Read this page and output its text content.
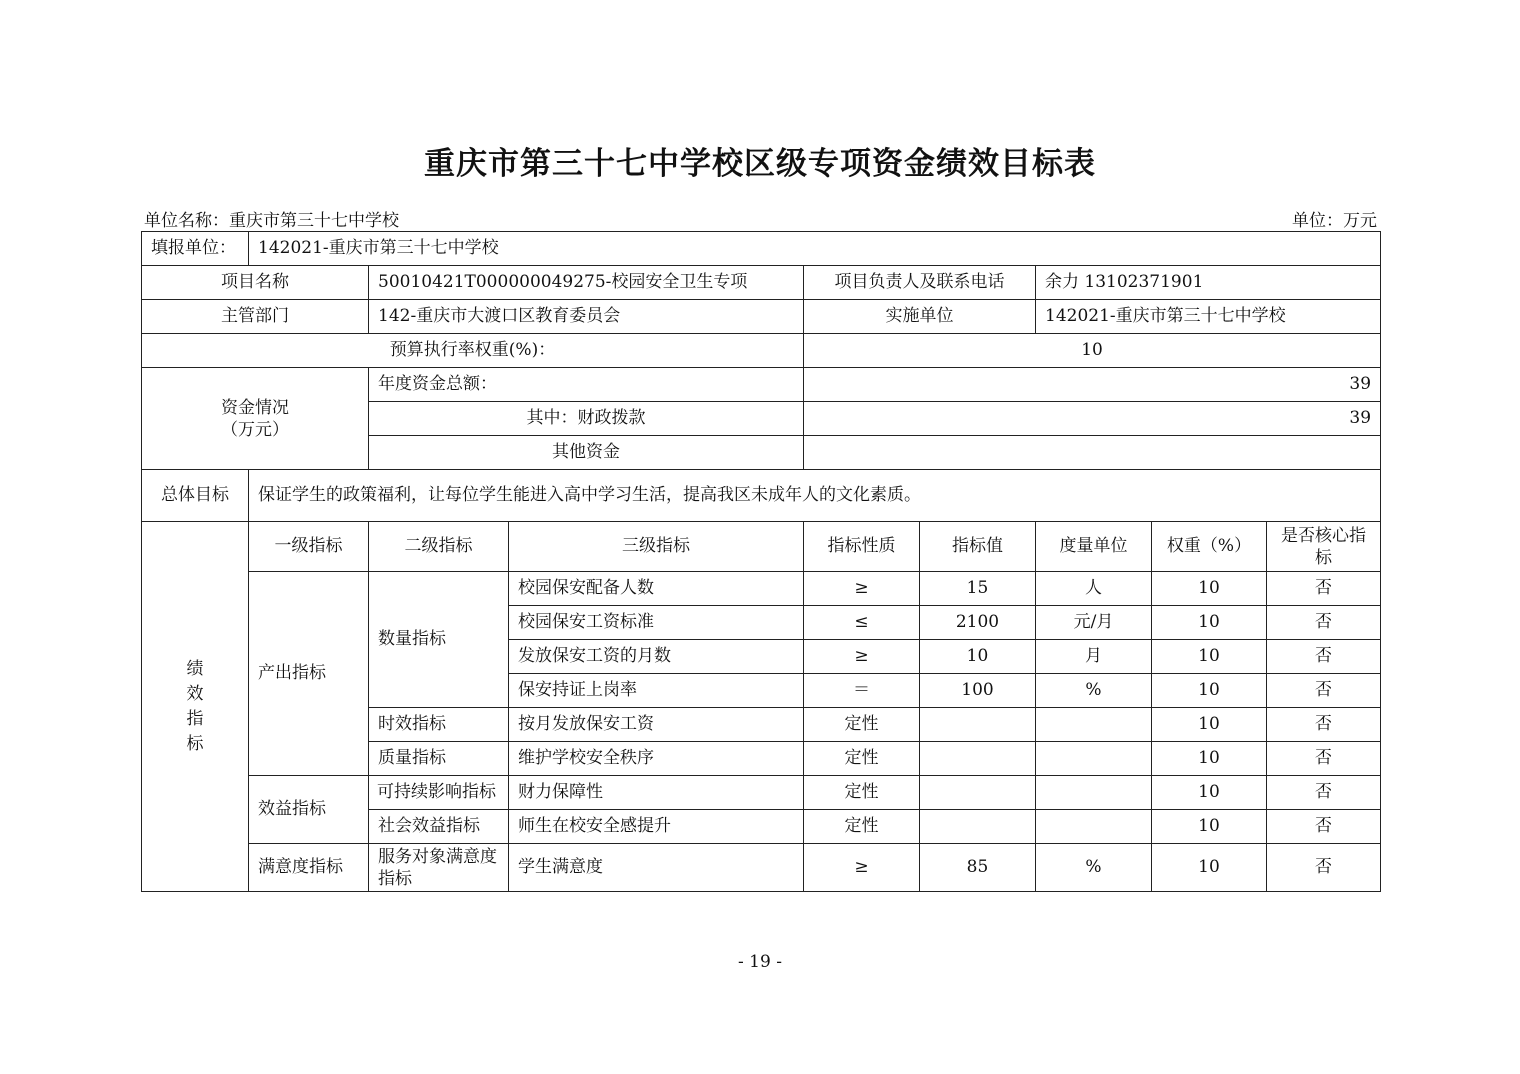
重庆市第三十七中学校区级专项资金绩效目标表
单位名称：重庆市第三十七中学校	单位：万元
填报单位：	142021-重庆市第三十七中学校							
项目名称		50010421T000000049275-校园安全卫生专项		项目负责人及联系电话		余力 13102371901		
主管部门		142-重庆市大渡口区教育委员会		实施单位		142021-重庆市第三十七中学校		
预算执行率权重(%)：				10				
资金情况
（万元）		年度资金总额：		39				
		其中：财政拨款		39				
		其他资金						
总体目标	保证学生的政策福利，让每位学生能进入高中学习生活，提高我区未成年人的文化素质。							
绩
效
指
标	一级指标	二级指标	三级指标	指标性质	指标值	度量单位	权重（%）	是否核心指标
	产出指标	数量指标	校园保安配备人数	≥	15	人	10	否
			校园保安工资标准	≤	2100	元/月	10	否
			发放保安工资的月数	≥	10	月	10	否
			保安持证上岗率	＝	100	%	10	否
		时效指标	按月发放保安工资	定性			10	否
		质量指标	维护学校安全秩序	定性			10	否
	效益指标	可持续影响指标	财力保障性	定性			10	否
		社会效益指标	师生在校安全感提升	定性			10	否
	满意度指标	服务对象满意度指标	学生满意度	≥	85	%	10	否
- 19 -
